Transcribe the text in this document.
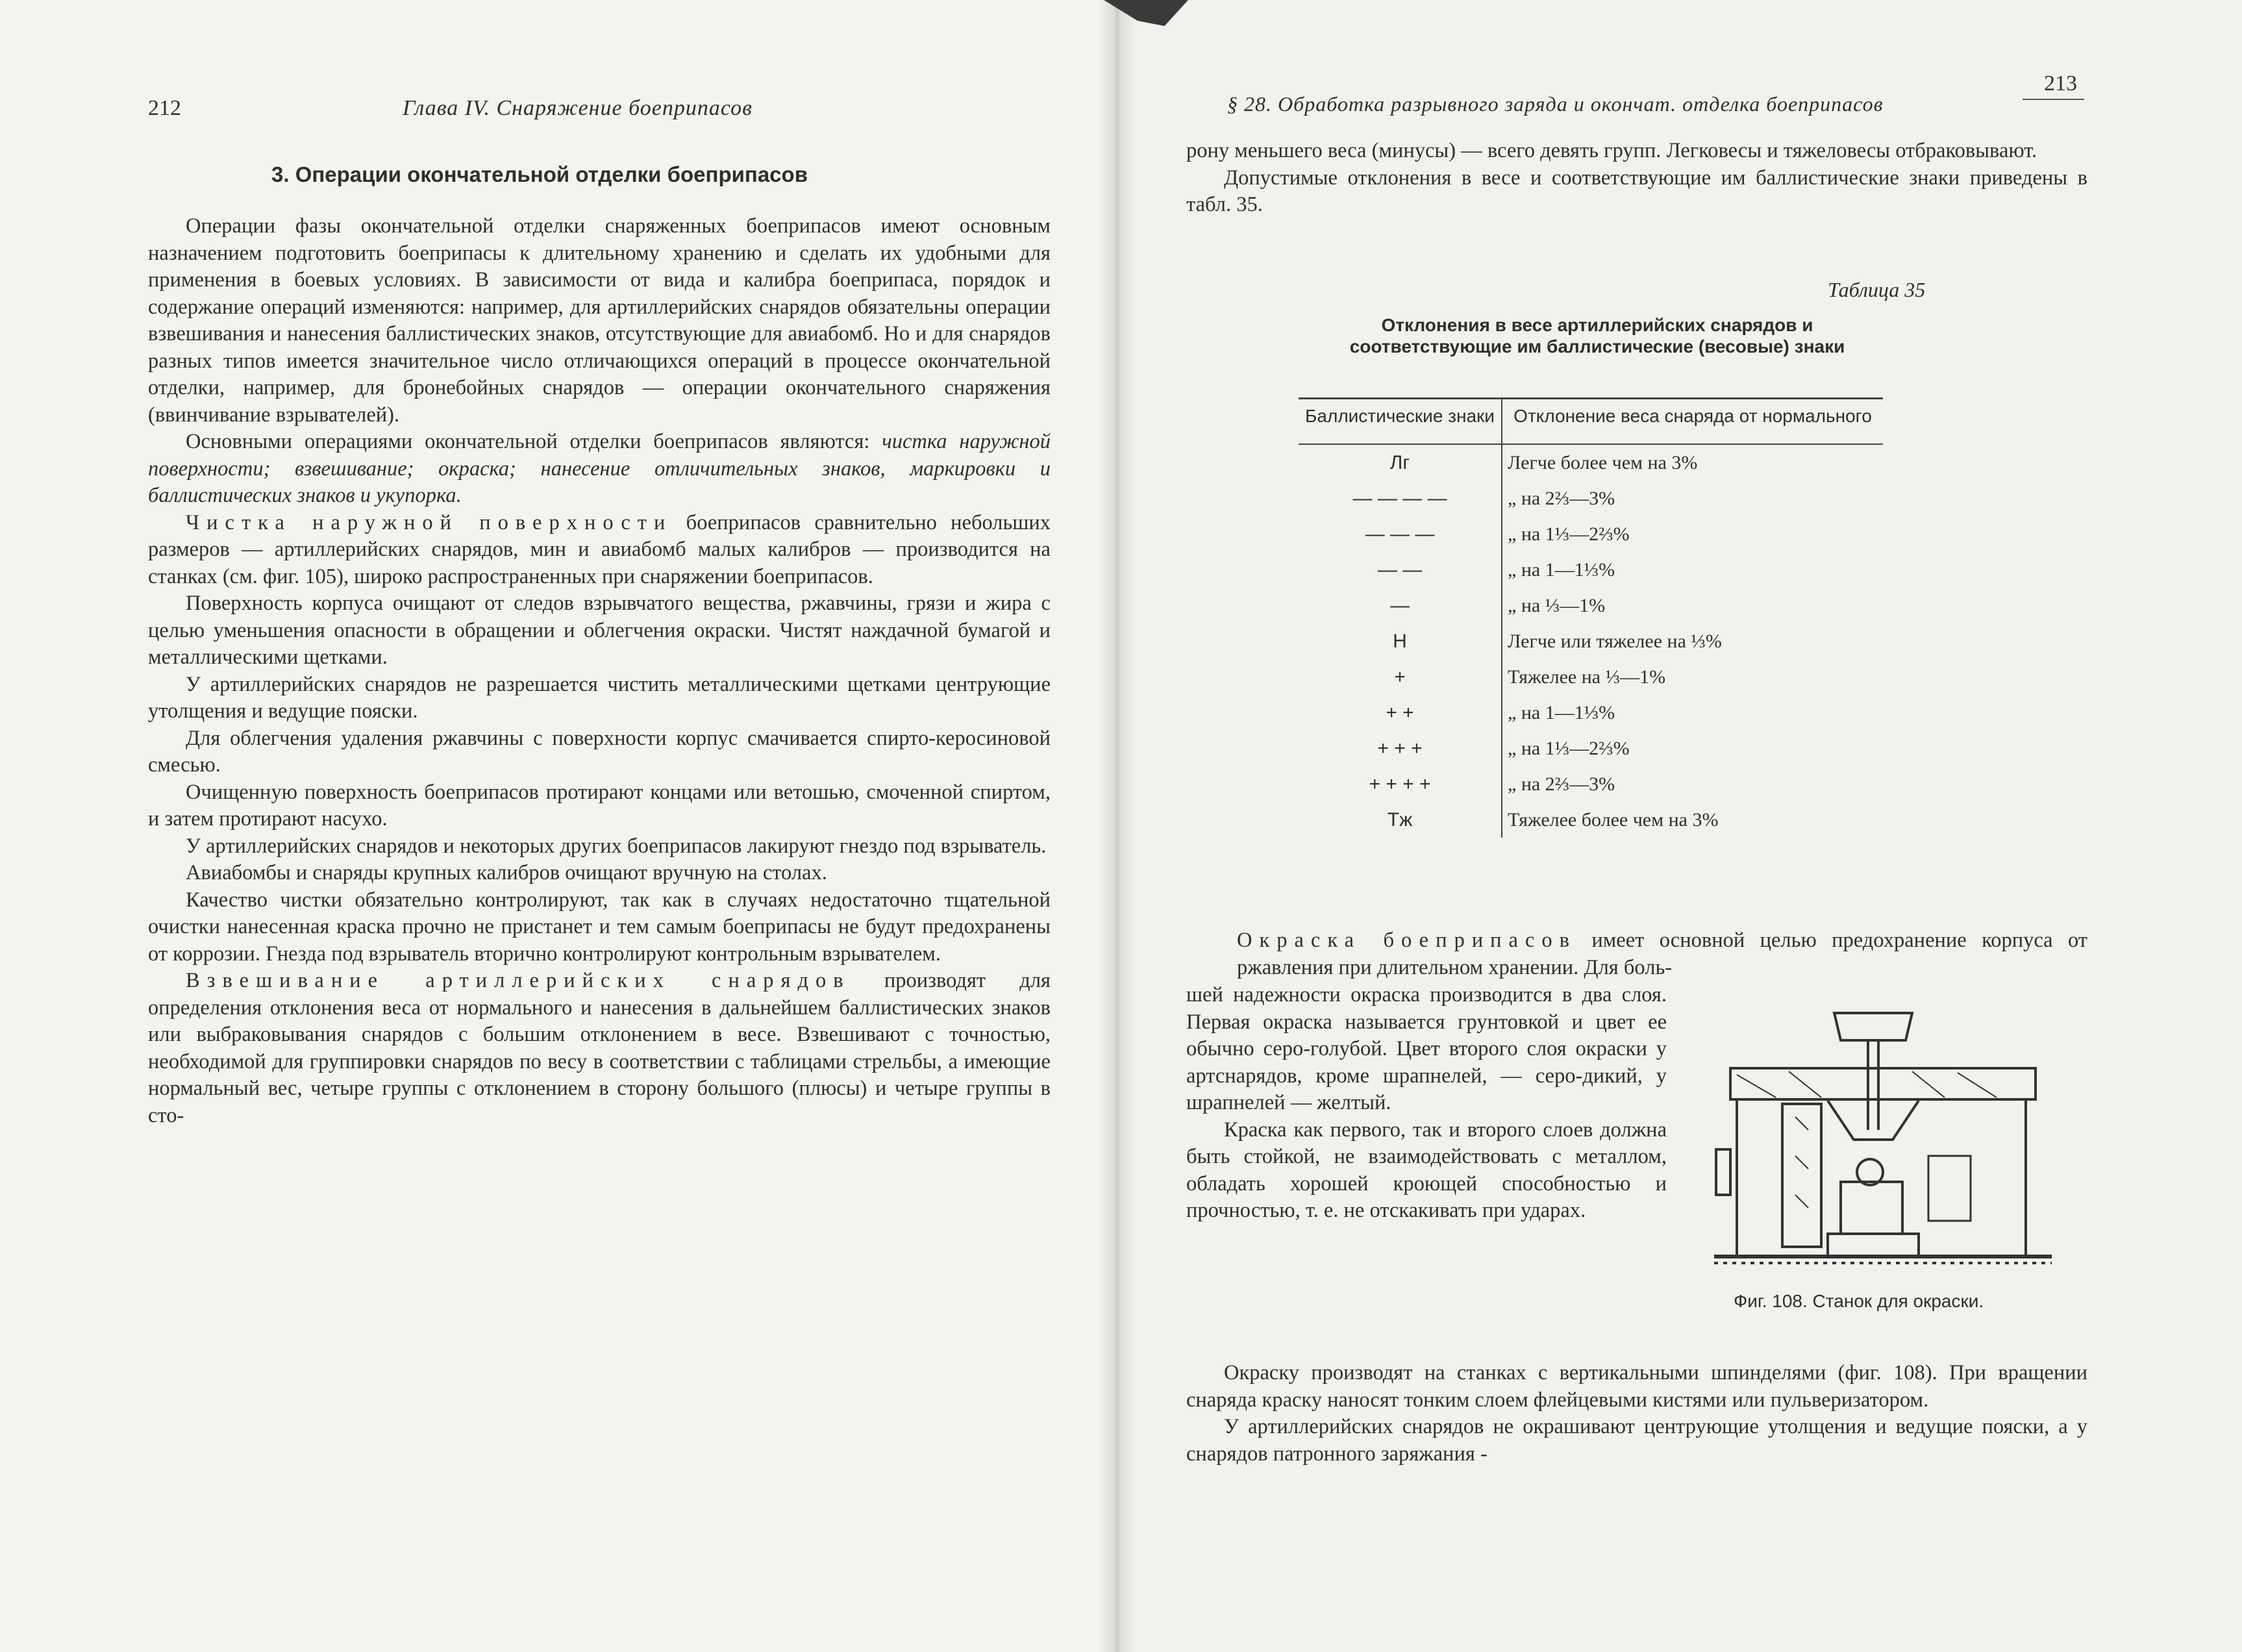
212	Глава IV. Снаряжение боеприпасов
3. Операции окончательной отделки боеприпасов

Операции фазы окончательной отделки снаряженных боеприпасов имеют основным назначением подготовить боеприпасы к длительному хранению и сделать их удобными для применения в боевых условиях. В зависимости от вида и калибра боеприпаса, порядок и содержание операций изменяются: например, для артиллерийских снарядов обязательны операции взвешивания и нанесения баллистических знаков, отсутствующие для авиабомб. Но и для снарядов разных типов имеется значительное число отличающихся операций в процессе окончательной отделки, например, для бронебойных снарядов — операции окончательного снаряжения (ввинчивание взрывателей).

Основными операциями окончательной отделки боеприпасов являются: чистка наружной поверхности; взвешивание; окраска; нанесение отличительных знаков, маркировки и баллистических знаков и укупорка.

Чистка наружной поверхности боеприпасов сравнительно небольших размеров — артиллерийских снарядов, мин и авиабомб малых калибров — производится на станках (см. фиг. 105), широко распространенных при снаряжении боеприпасов.

Поверхность корпуса очищают от следов взрывчатого вещества, ржавчины, грязи и жира с целью уменьшения опасности в обращении и облегчения окраски. Чистят наждачной бумагой и металлическими щетками.

У артиллерийских снарядов не разрешается чистить металлическими щетками центрующие утолщения и ведущие пояски.

Для облегчения удаления ржавчины с поверхности корпус смачивается спирто-керосиновой смесью.

Очищенную поверхность боеприпасов протирают концами или ветошью, смоченной спиртом, и затем протирают насухо.

У артиллерийских снарядов и некоторых других боеприпасов лакируют гнездо под взрыватель.

Авиабомбы и снаряды крупных калибров очищают вручную на столах.

Качество чистки обязательно контролируют, так как в случаях недостаточно тщательной очистки нанесенная краска прочно не пристанет и тем самым боеприпасы не будут предохранены от коррозии. Гнезда под взрыватель вторично контролируют контрольным взрывателем.

Взвешивание артиллерийских снарядов производят для определения отклонения веса от нормального и нанесения в дальнейшем баллистических знаков или выбраковывания снарядов с большим отклонением в весе. Взвешивают с точностью, необходимой для группировки снарядов по весу в соответствии с таблицами стрельбы, а имеющие нормальный вес, четыре группы с отклонением в сторону большого (плюсы) и четыре группы в сто-

§ 28. Обработка разрывного заряда и окончат. отделка боеприпасов
213

рону меньшего веса (минусы) — всего девять групп. Легковесы и тяжеловесы отбраковывают.

Допустимые отклонения в весе и соответствующие им баллистические знаки приведены в табл. 35.

Таблица 35
Отклонения в весе артиллерийских снарядов и соответствующие им баллистические (весовые) знаки
Баллистические знаки	Отклонение веса снаряда от нормального
Лг	Легче более чем на 3%
— — — —	„ на 2⅔—3%
— — —	„ на 1⅓—2⅔%
— —	„ на 1—1⅓%
—	„ на ⅓—1%
Н	Легче или тяжелее на ⅓%
+	Тяжелее на ⅓—1%
+ +	„ на 1—1⅓%
+ + +	„ на 1⅓—2⅔%
+ + + +	„ на 2⅔—3%
Тж	Тяжелее более чем на 3%

Окраска боеприпасов имеет основной целью предохранение корпуса от ржавления при длительном хранении. Для боль-

шей надежности окраска производится в два слоя. Первая окраска называется грунтовкой и цвет ее обычно серо-голубой. Цвет второго слоя окраски у артснарядов, кроме шрапнелей, — серо-дикий, у шрапнелей — желтый.

Краска как первого, так и второго слоев должна быть стойкой, не взаимодействовать с металлом, обладать хорошей кроющей способностью и прочностью, т. е. не отскакивать при ударах.

Фиг. 108. Станок для окраски.

Окраску производят на станках с вертикальными шпинделями (фиг. 108). При вращении снаряда краску наносят тонким слоем флейцевыми кистями или пульверизатором.

У артиллерийских снарядов не окрашивают центрующие утолщения и ведущие пояски, а у снарядов патронного заряжания -
